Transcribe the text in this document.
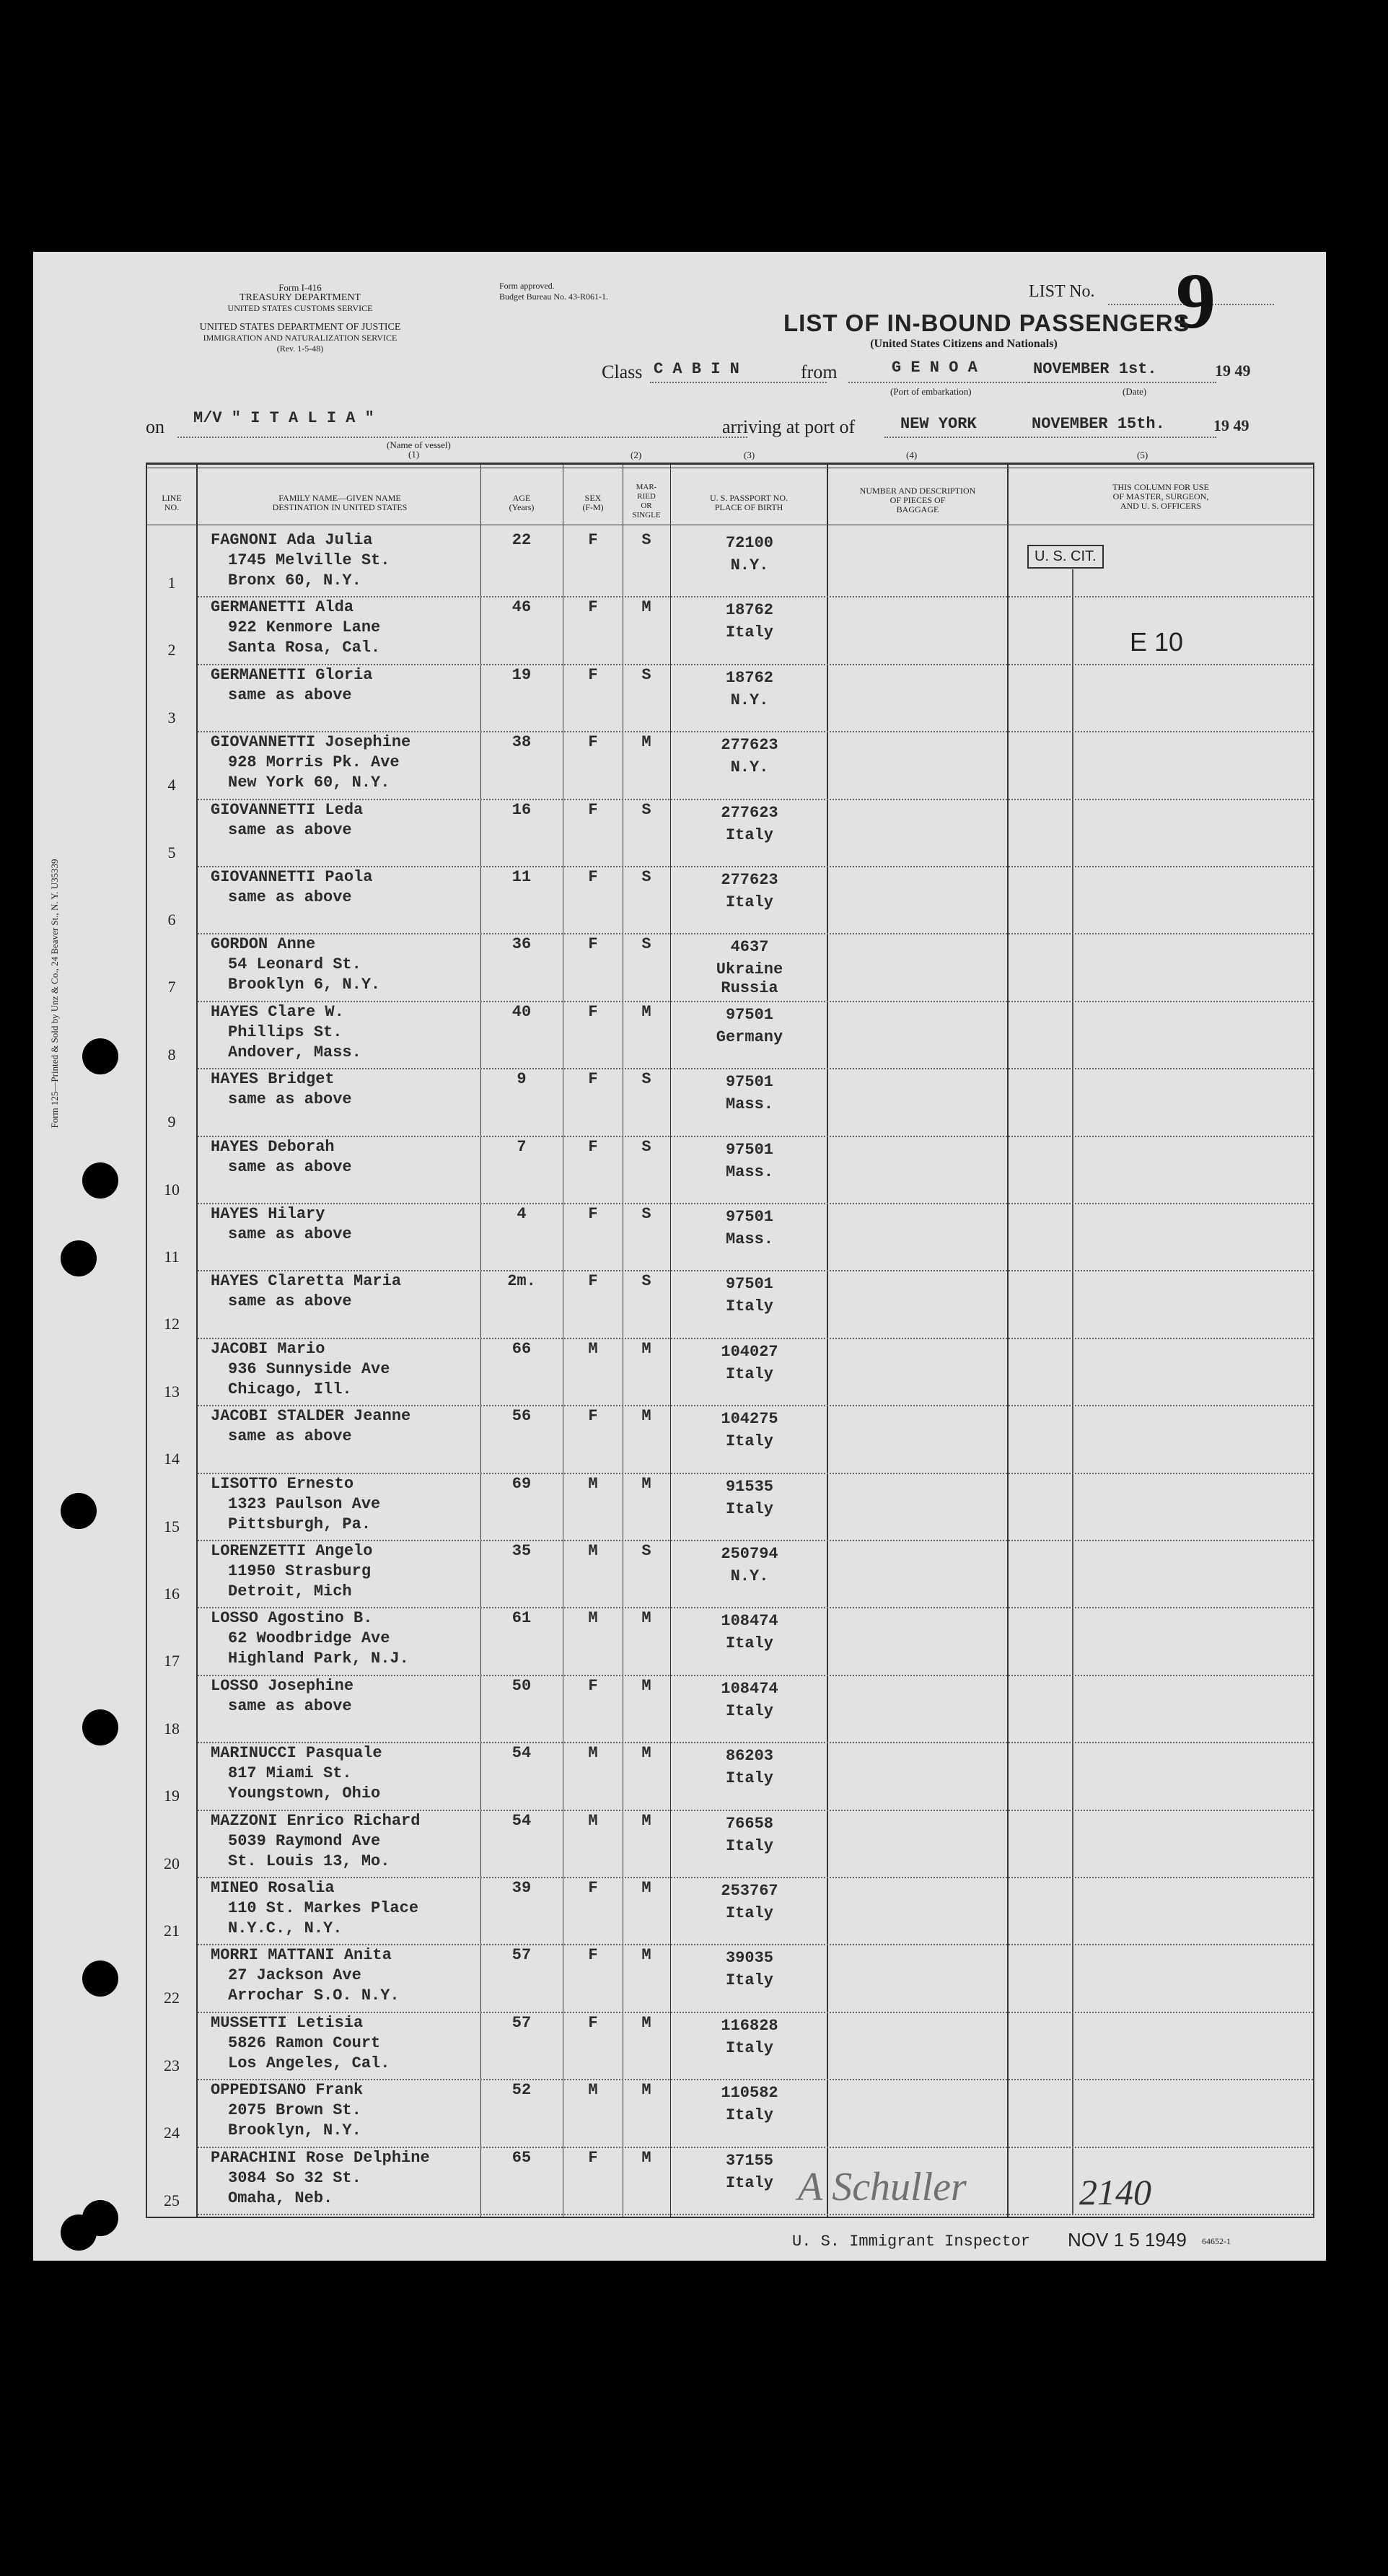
Form 125—Printed & Sold by Unz & Co., 24 Beaver St., N. Y. U35339
Form I-416
TREASURY DEPARTMENT
UNITED STATES CUSTOMS SERVICE
UNITED STATES DEPARTMENT OF JUSTICE
IMMIGRATION AND NATURALIZATION SERVICE
(Rev. 1-5-48)
Form approved.
Budget Bureau No. 43-R061-1.	LIST No. 9
LIST OF IN-BOUND PASSENGERS
(United States Citizens and Nationals)
Class C A B I N	from	G E N O A
(Port of embarkation)
NOVEMBER 1st.
(Date)
19 49
on M/V " I T A L I A "
(Name of vessel)
(1)
arriving at port of	NEW YORK	NOVEMBER 15th.	19 49
(2)	(3)	(4)	(5)
LINE
NO.
FAMILY NAME—GIVEN NAME
DESTINATION IN UNITED STATES
AGE
(Years)
SEX
(F-M)
MAR-
RIED
OR
SINGLE
U. S. PASSPORT NO.
PLACE OF BIRTH
NUMBER AND DESCRIPTION
OF PIECES OF
BAGGAGE
THIS COLUMN FOR USE
OF MASTER, SURGEON,
AND U. S. OFFICERS
U. S. CIT.
E 10
1
FAGNONI Ada Julia
1745 Melville St.
Bronx 60, N.Y.
22	F	S	72100
N.Y.
2
GERMANETTI Alda
922 Kenmore Lane
Santa Rosa, Cal.
46	F	M	18762
Italy
3
GERMANETTI Gloria
same as above
19	F	S	18762
N.Y.
4
GIOVANNETTI Josephine
928 Morris Pk. Ave
New York 60, N.Y.
38	F	M	277623
N.Y.
5
GIOVANNETTI Leda
same as above
16	F	S	277623
Italy
6
GIOVANNETTI Paola
same as above
11	F	S	277623
Italy
7
GORDON Anne
54 Leonard St.
Brooklyn 6, N.Y.
36	F	S	4637
Ukraine
Russia
8
HAYES Clare W.
Phillips St.
Andover, Mass.
40	F	M	97501
Germany
9
HAYES Bridget
same as above
9	F	S	97501
Mass.
10
HAYES Deborah
same as above
7	F	S	97501
Mass.
11
HAYES Hilary
same as above
4	F	S	97501
Mass.
12
HAYES Claretta Maria
same as above
2m.	F	S	97501
Italy
13
JACOBI Mario
936 Sunnyside Ave
Chicago, Ill.
66	M	M	104027
Italy
14
JACOBI STALDER Jeanne
same as above
56	F	M	104275
Italy
15
LISOTTO Ernesto
1323 Paulson Ave
Pittsburgh, Pa.
69	M	M	91535
Italy
16
LORENZETTI Angelo
11950 Strasburg
Detroit, Mich
35	M	S	250794
N.Y.
17
LOSSO Agostino B.
62 Woodbridge Ave
Highland Park, N.J.
61	M	M	108474
Italy
18
LOSSO Josephine
same as above
50	F	M	108474
Italy
19
MARINUCCI Pasquale
817 Miami St.
Youngstown, Ohio
54	M	M	86203
Italy
20
MAZZONI Enrico Richard
5039 Raymond Ave
St. Louis 13, Mo.
54	M	M	76658
Italy
21
MINEO Rosalia
110 St. Markes Place
N.Y.C., N.Y.
39	F	M	253767
Italy
22
MORRI MATTANI Anita
27 Jackson Ave
Arrochar S.O. N.Y.
57	F	M	39035
Italy
23
MUSSETTI Letisia
5826 Ramon Court
Los Angeles, Cal.
57	F	M	116828
Italy
24
OPPEDISANO Frank
2075 Brown St.
Brooklyn, N.Y.
52	M	M	110582
Italy
25
PARACHINI Rose Delphine
3084 So 32 St.
Omaha, Neb.
65	F	M	37155
Italy A Schuller	2140
U. S. Immigrant Inspector NOV 1 5 1949 64652-1
